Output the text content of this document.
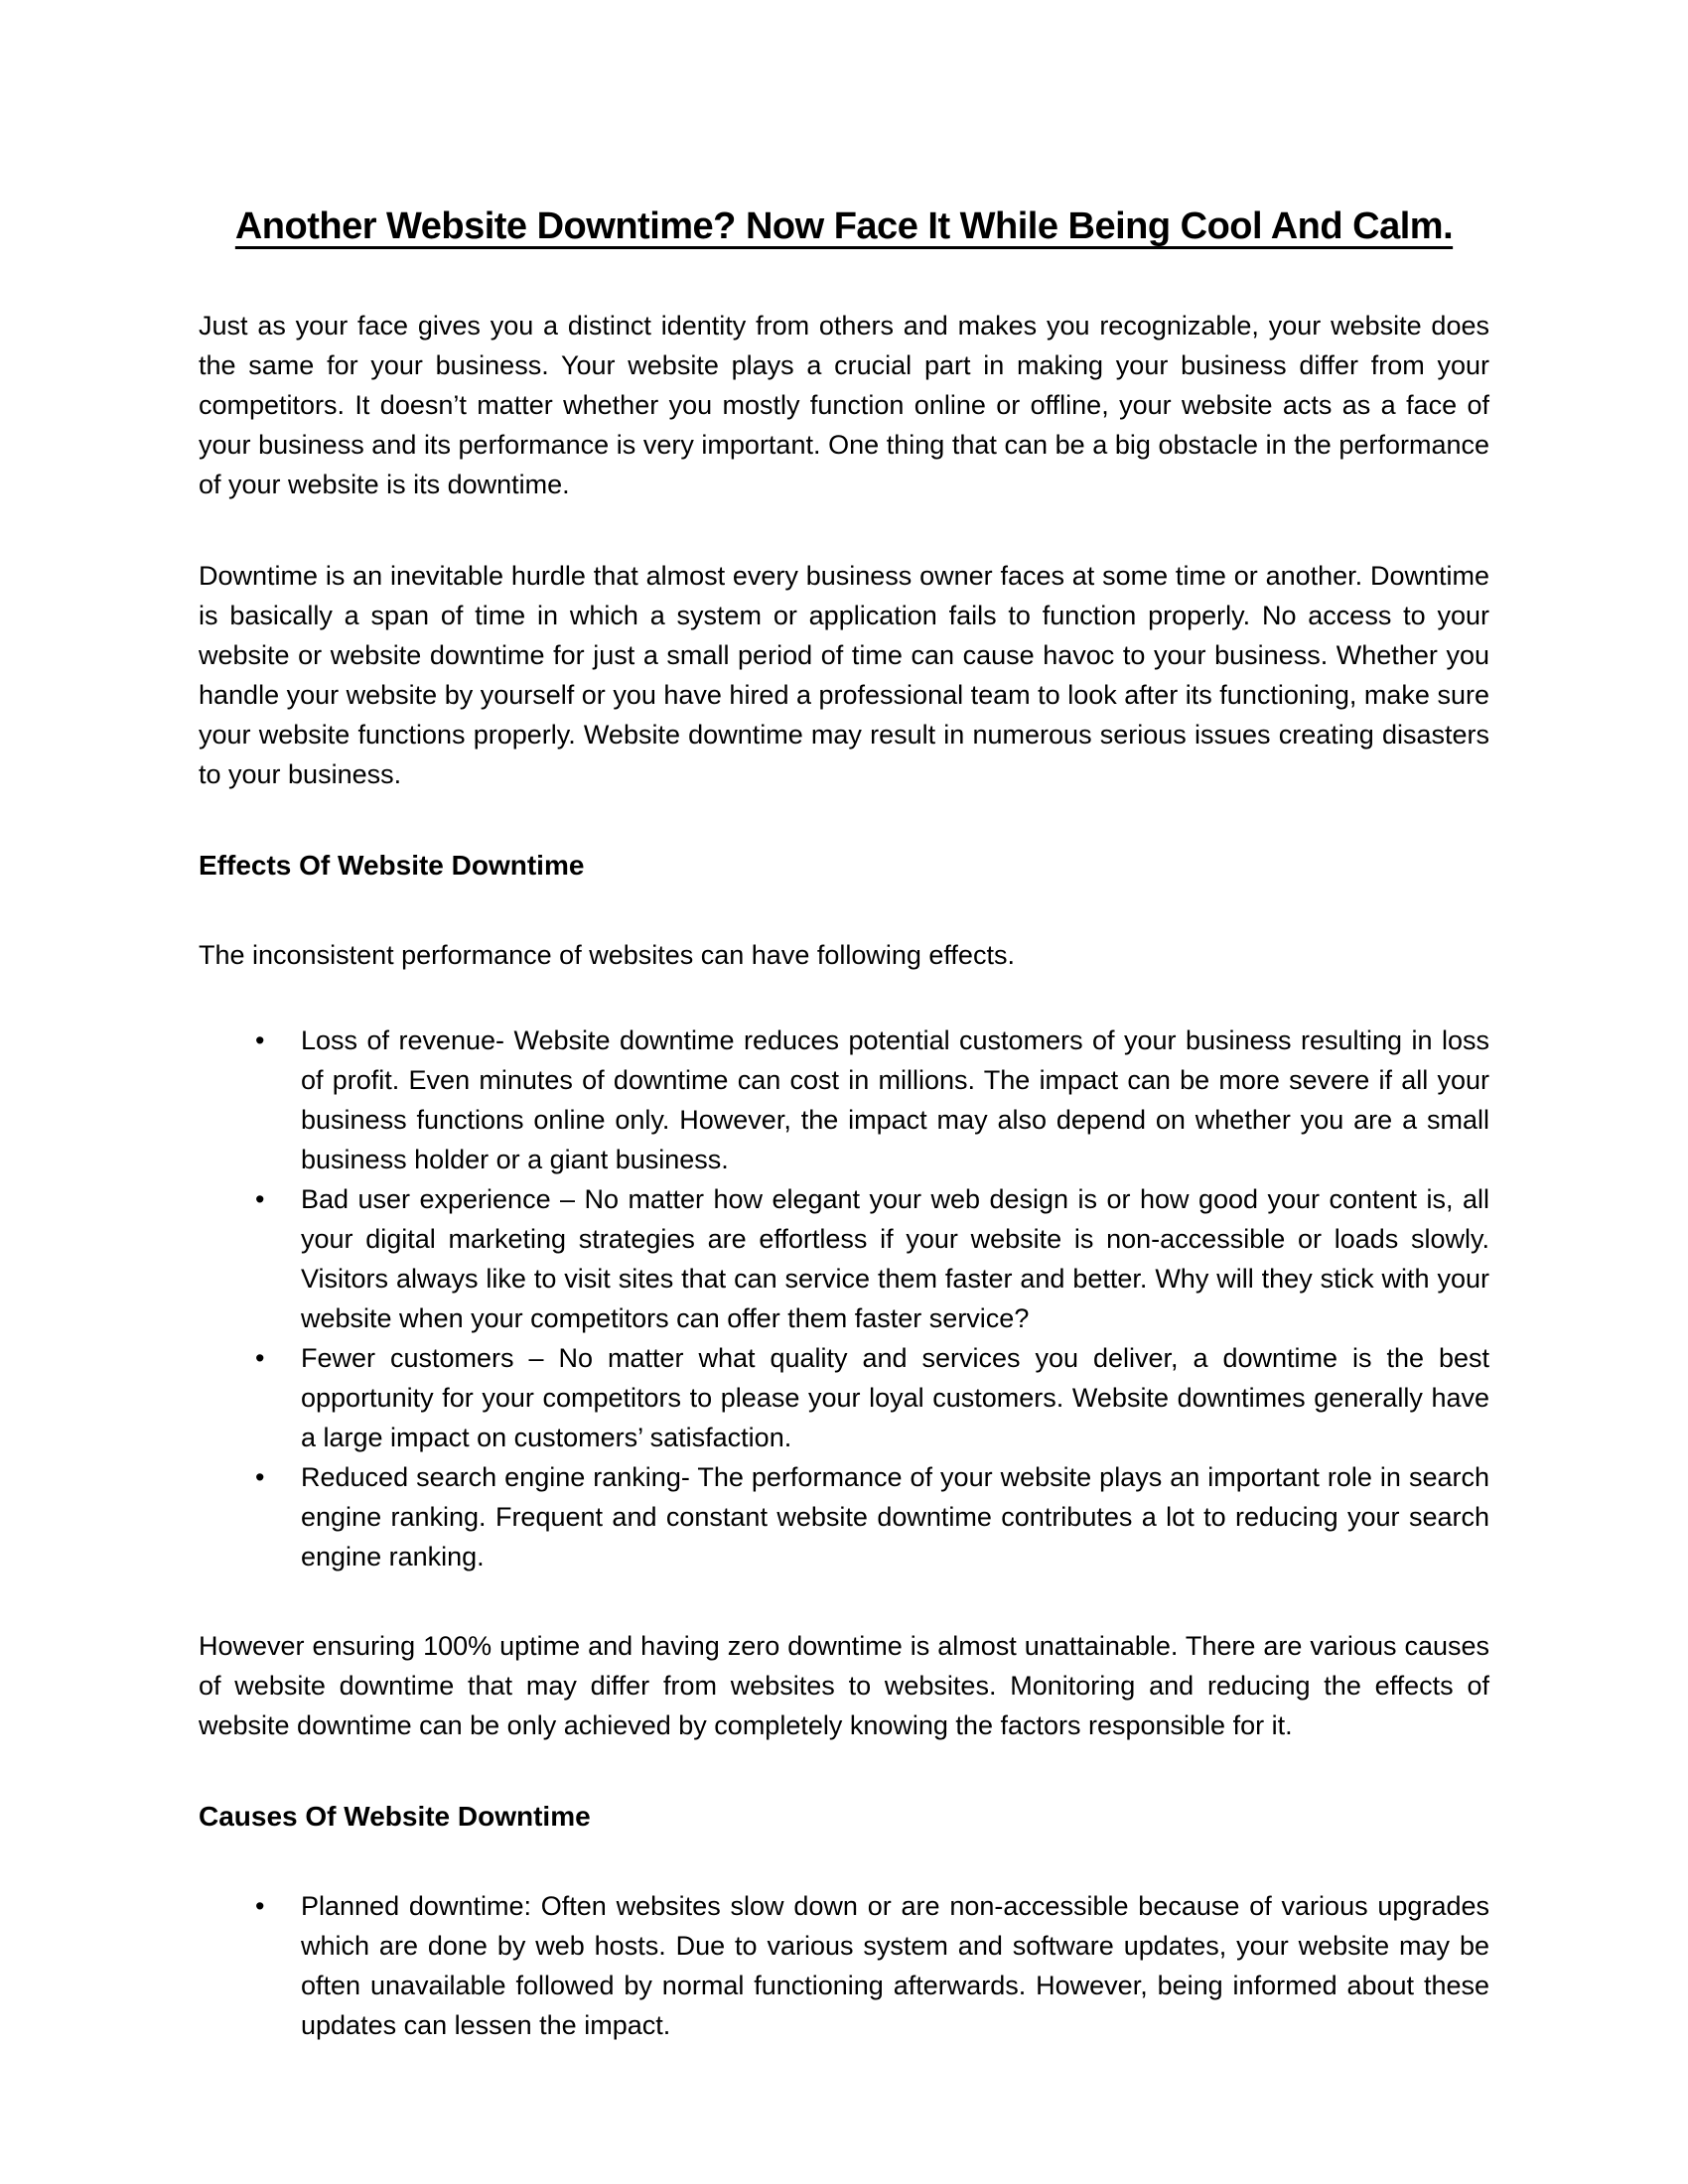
Another Website Downtime? Now Face It While Being Cool And Calm.

Just as your face gives you a distinct identity from others and makes you recognizable, your website does the same for your business. Your website plays a crucial part in making your business differ from your competitors. It doesn’t matter whether you mostly function online or offline, your website acts as a face of your business and its performance is very important. One thing that can be a big obstacle in the performance of your website is its downtime.

Downtime is an inevitable hurdle that almost every business owner faces at some time or another. Downtime is basically a span of time in which a system or application fails to function properly. No access to your website or website downtime for just a small period of time can cause havoc to your business. Whether you handle your website by yourself or you have hired a professional team to look after its functioning, make sure your website functions properly. Website downtime may result in numerous serious issues creating disasters to your business.

Effects Of Website Downtime

The inconsistent performance of websites can have following effects.

• Loss of revenue- Website downtime reduces potential customers of your business resulting in loss of profit. Even minutes of downtime can cost in millions. The impact can be more severe if all your business functions online only. However, the impact may also depend on whether you are a small business holder or a giant business.
• Bad user experience – No matter how elegant your web design is or how good your content is, all your digital marketing strategies are effortless if your website is non-accessible or loads slowly. Visitors always like to visit sites that can service them faster and better. Why will they stick with your website when your competitors can offer them faster service?
• Fewer customers – No matter what quality and services you deliver, a downtime is the best opportunity for your competitors to please your loyal customers. Website downtimes generally have a large impact on customers’ satisfaction.
• Reduced search engine ranking- The performance of your website plays an important role in search engine ranking. Frequent and constant website downtime contributes a lot to reducing your search engine ranking.

However ensuring 100% uptime and having zero downtime is almost unattainable. There are various causes of website downtime that may differ from websites to websites. Monitoring and reducing the effects of website downtime can be only achieved by completely knowing the factors responsible for it.

Causes Of Website Downtime
• Planned downtime: Often websites slow down or are non-accessible because of various upgrades which are done by web hosts. Due to various system and software updates, your website may be often unavailable followed by normal functioning afterwards. However, being informed about these updates can lessen the impact.
